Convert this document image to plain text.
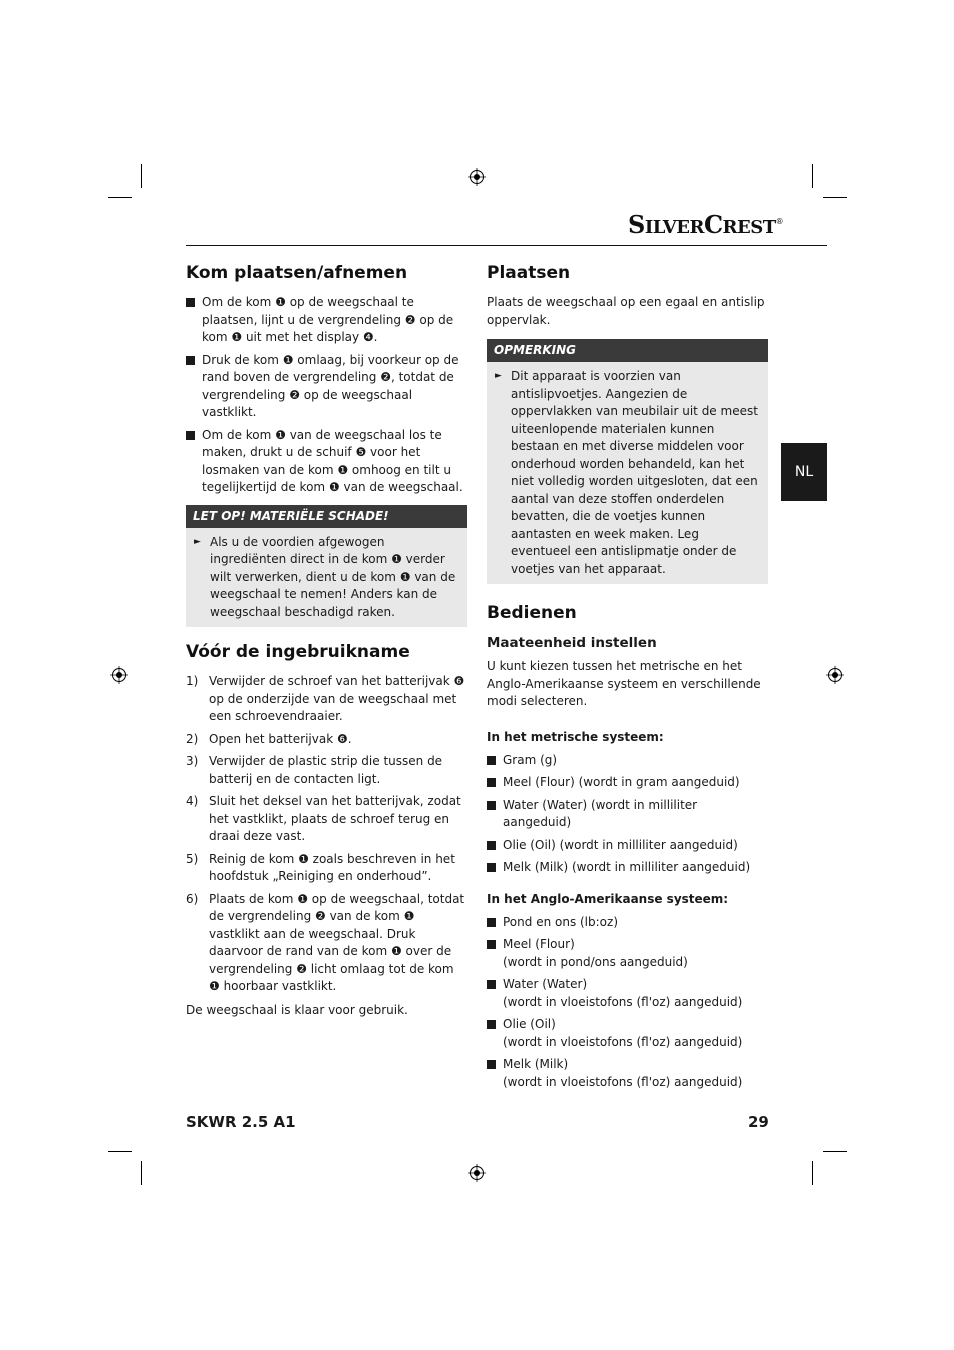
SILVERCREST®
NL
Kom plaatsen/afnemen
Om de kom ❶ op de weegschaal te plaatsen, lijnt u de vergrendeling ❷ op de kom ❶ uit met het display ❹.
Druk de kom ❶ omlaag, bij voorkeur op de rand boven de vergrendeling ❷, totdat de vergrendeling ❷ op de weegschaal vastklikt.
Om de kom ❶ van de weegschaal los te maken, drukt u de schuif ❺ voor het losmaken van de kom ❶ omhoog en tilt u tegelijkertijd de kom ❶ van de weegschaal.
LET OP! MATERIËLE SCHADE!
► Als u de voordien afgewogen ingrediënten direct in de kom ❶ verder wilt verwerken, dient u de kom ❶ van de weegschaal te nemen! Anders kan de weegschaal beschadigd raken.
Vóór de ingebruikname
1) Verwijder de schroef van het batterijvak ❻ op de onderzijde van de weegschaal met een schroevendraaier.
2) Open het batterijvak ❻.
3) Verwijder de plastic strip die tussen de batterij en de contacten ligt.
4) Sluit het deksel van het batterijvak, zodat het vastklikt, plaats de schroef terug en draai deze vast.
5) Reinig de kom ❶ zoals beschreven in het hoofdstuk „Reiniging en onderhoud”.
6) Plaats de kom ❶ op de weegschaal, totdat de vergrendeling ❷ van de kom ❶ vastklikt aan de weegschaal. Druk daarvoor de rand van de kom ❶ over de vergrendeling ❷ licht omlaag tot de kom ❶ hoorbaar vastklikt.

De weegschaal is klaar voor gebruik.

Plaatsen

Plaats de weegschaal op een egaal en antislip oppervlak.

OPMERKING
► Dit apparaat is voorzien van antislipvoetjes. Aangezien de oppervlakken van meubilair uit de meest uiteenlopende materialen kunnen bestaan en met diverse middelen voor onderhoud worden behandeld, kan het niet volledig worden uitgesloten, dat een aantal van deze stoffen onderdelen bevatten, die de voetjes kunnen aantasten en week maken. Leg eventueel een antislipmatje onder de voetjes van het apparaat.
Bedienen
Maateenheid instellen

U kunt kiezen tussen het metrische en het Anglo-Amerikaanse systeem en verschillende modi selecteren.

In het metrische systeem:
Gram (g)
Meel (Flour) (wordt in gram aangeduid)
Water (Water) (wordt in milliliter aangeduid)
Olie (Oil) (wordt in milliliter aangeduid)
Melk (Milk) (wordt in milliliter aangeduid)
In het Anglo-Amerikaanse systeem:
Pond en ons (lb:oz)
Meel (Flour)
(wordt in pond/ons aangeduid)
Water (Water)
(wordt in vloeistofons (fl'oz) aangeduid)
Olie (Oil)
(wordt in vloeistofons (fl'oz) aangeduid)
Melk (Milk)
(wordt in vloeistofons (fl'oz) aangeduid)
SKWR 2.5 A1	29
